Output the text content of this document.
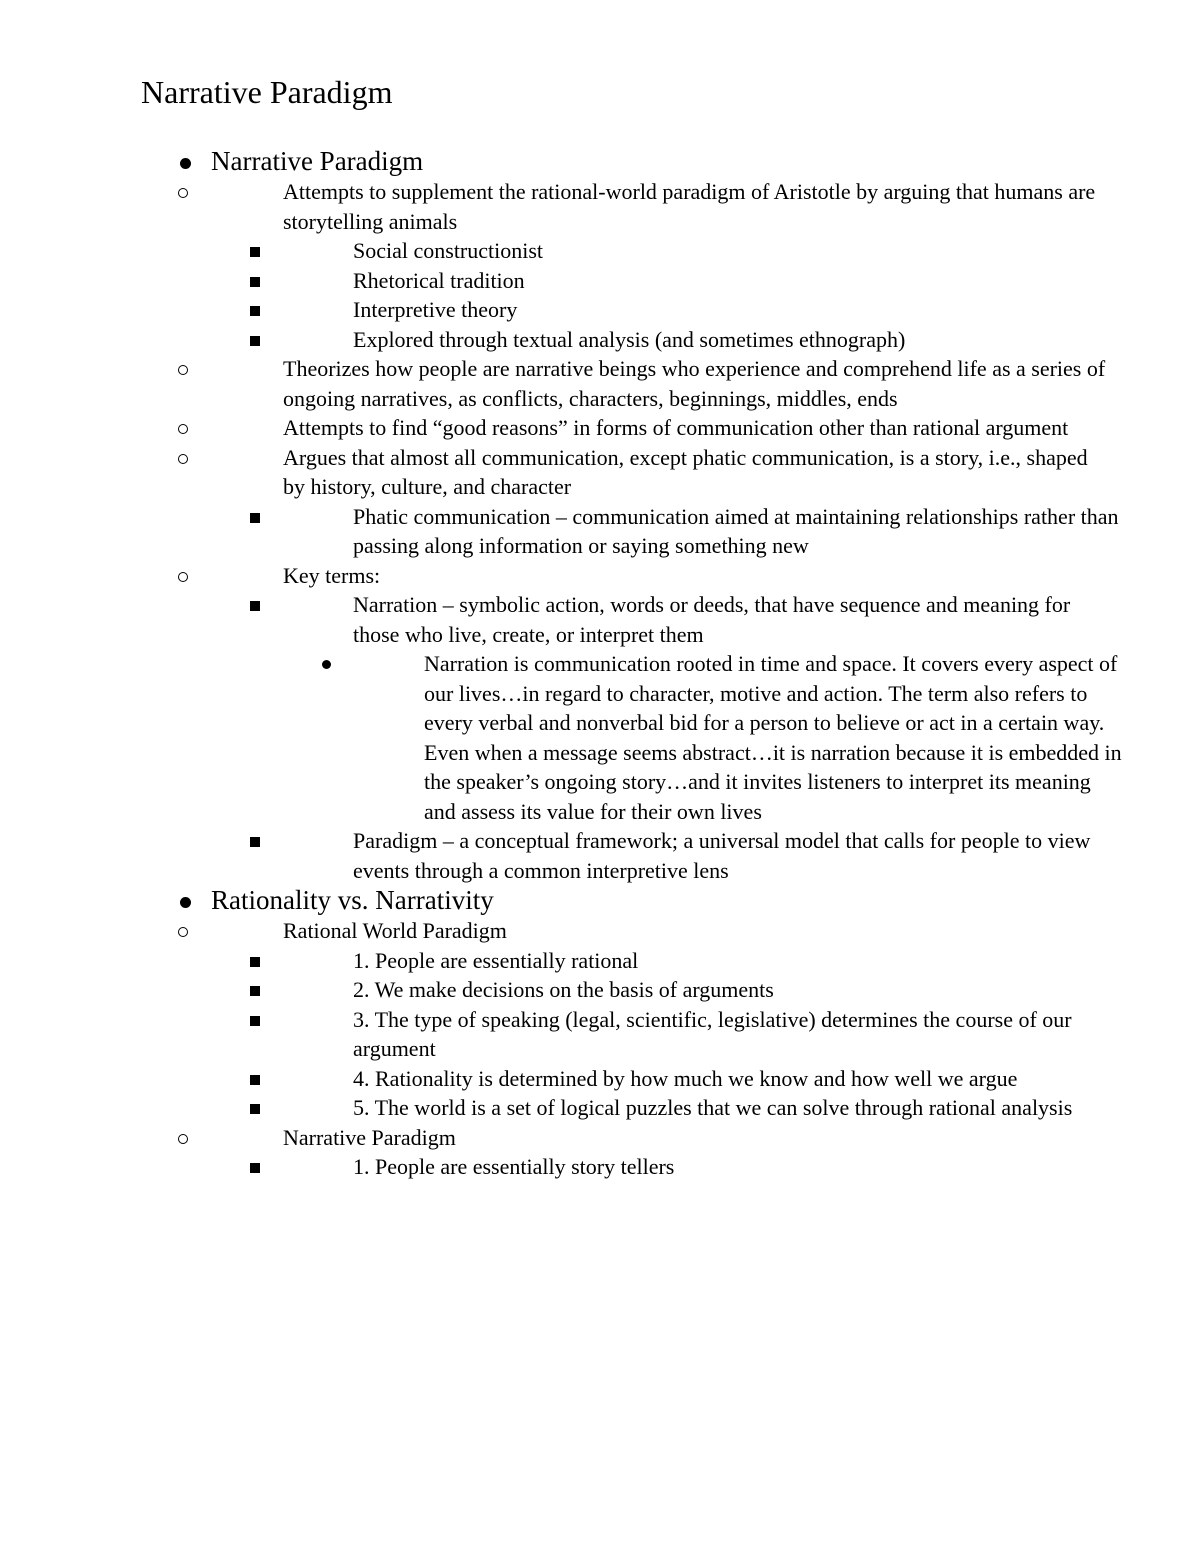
Narrative Paradigm
Narrative Paradigm
Attempts to supplement the rational-world paradigm of Aristotle by arguing that humans are storytelling animals
Social constructionist
Rhetorical tradition
Interpretive theory
Explored through textual analysis (and sometimes ethnograph)
Theorizes how people are narrative beings who experience and comprehend life as a series of ongoing narratives, as conflicts, characters, beginnings, middles, ends
Attempts to find “good reasons” in forms of communication other than rational argument
Argues that almost all communication, except phatic communication, is a story, i.e., shaped by history, culture, and character
Phatic communication – communication aimed at maintaining relationships rather than passing along information or saying something new
Key terms:
Narration – symbolic action, words or deeds, that have sequence and meaning for those who live, create, or interpret them
Narration is communication rooted in time and space. It covers every aspect of our lives…in regard to character, motive and action. The term also refers to every verbal and nonverbal bid for a person to believe or act in a certain way. Even when a message seems abstract…it is narration because it is embedded in the speaker’s ongoing story…and it invites listeners to interpret its meaning and assess its value for their own lives
Paradigm – a conceptual framework; a universal model that calls for people to view events through a common interpretive lens
Rationality vs. Narrativity
Rational World Paradigm
1. People are essentially rational
2. We make decisions on the basis of arguments
3. The type of speaking (legal, scientific, legislative) determines the course of our argument
4. Rationality is determined by how much we know and how well we argue
5. The world is a set of logical puzzles that we can solve through rational analysis
Narrative Paradigm
1. People are essentially story tellers
